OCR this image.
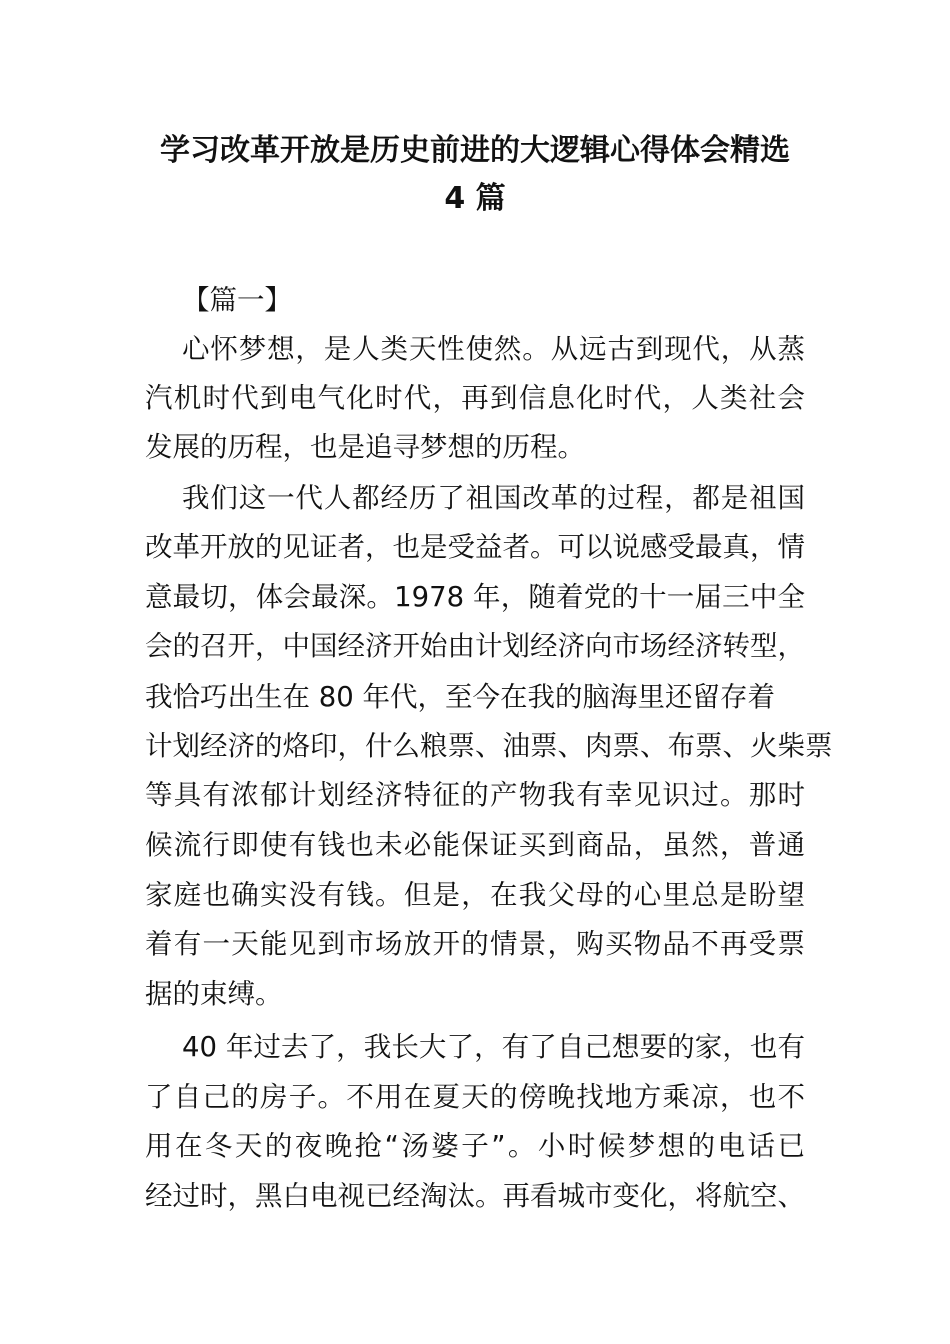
学习改革开放是历史前进的大逻辑心得体会精选
4 篇
【篇一】
心怀梦想，是人类天性使然。从远古到现代，从蒸
汽机时代到电气化时代，再到信息化时代，人类社会
发展的历程，也是追寻梦想的历程。
我们这一代人都经历了祖国改革的过程，都是祖国
改革开放的见证者，也是受益者。可以说感受最真，情
意最切，体会最深。1978 年，随着党的十一届三中全
会的召开，中国经济开始由计划经济向市场经济转型，
我恰巧出生在 80 年代，至今在我的脑海里还留存着
计划经济的烙印，什么粮票、油票、肉票、布票、火柴票
等具有浓郁计划经济特征的产物我有幸见识过。那时
候流行即使有钱也未必能保证买到商品，虽然，普通
家庭也确实没有钱。但是，在我父母的心里总是盼望
着有一天能见到市场放开的情景，购买物品不再受票
据的束缚。
40 年过去了，我长大了，有了自己想要的家，也有
了自己的房子。不用在夏天的傍晚找地方乘凉，也不
用在冬天的夜晚抢“汤婆子”。小时候梦想的电话已
经过时，黑白电视已经淘汰。再看城市变化，将航空、
